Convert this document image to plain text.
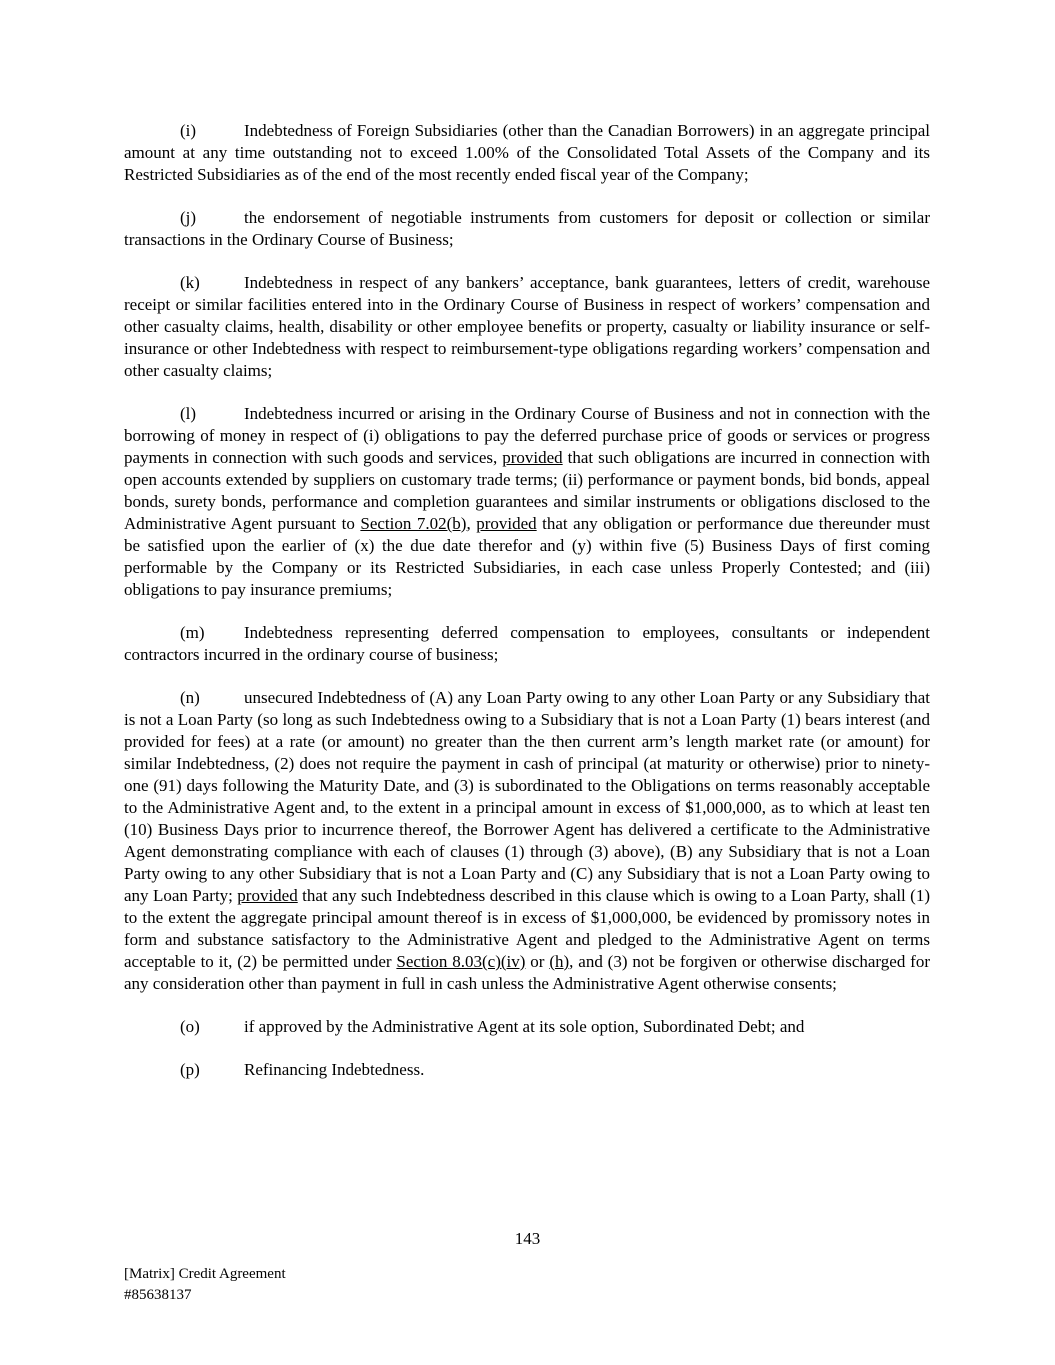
(i)	Indebtedness of Foreign Subsidiaries (other than the Canadian Borrowers) in an aggregate principal amount at any time outstanding not to exceed 1.00% of the Consolidated Total Assets of the Company and its Restricted Subsidiaries as of the end of the most recently ended fiscal year of the Company;

(j)	the endorsement of negotiable instruments from customers for deposit or collection or similar transactions in the Ordinary Course of Business;

(k)	Indebtedness in respect of any bankers’ acceptance, bank guarantees, letters of credit, warehouse receipt or similar facilities entered into in the Ordinary Course of Business in respect of workers’ compensation and other casualty claims, health, disability or other employee benefits or property, casualty or liability insurance or self-insurance or other Indebtedness with respect to reimbursement-type obligations regarding workers’ compensation and other casualty claims;

(l)	Indebtedness incurred or arising in the Ordinary Course of Business and not in connection with the borrowing of money in respect of (i) obligations to pay the deferred purchase price of goods or services or progress payments in connection with such goods and services, provided that such obligations are incurred in connection with open accounts extended by suppliers on customary trade terms; (ii) performance or payment bonds, bid bonds, appeal bonds, surety bonds, performance and completion guarantees and similar instruments or obligations disclosed to the Administrative Agent pursuant to Section 7.02(b), provided that any obligation or performance due thereunder must be satisfied upon the earlier of (x) the due date therefor and (y) within five (5) Business Days of first coming performable by the Company or its Restricted Subsidiaries, in each case unless Properly Contested; and (iii) obligations to pay insurance premiums;

(m) Indebtedness representing deferred compensation to employees, consultants or independent contractors incurred in the ordinary course of business;

(n)	unsecured Indebtedness of (A) any Loan Party owing to any other Loan Party or any Subsidiary that is not a Loan Party (so long as such Indebtedness owing to a Subsidiary that is not a Loan Party (1) bears interest (and provided for fees) at a rate (or amount) no greater than the then current arm’s length market rate (or amount) for similar Indebtedness, (2) does not require the payment in cash of principal (at maturity or otherwise) prior to ninety-one (91) days following the Maturity Date, and (3) is subordinated to the Obligations on terms reasonably acceptable to the Administrative Agent and, to the extent in a principal amount in excess of $1,000,000, as to which at least ten (10) Business Days prior to incurrence thereof, the Borrower Agent has delivered a certificate to the Administrative Agent demonstrating compliance with each of clauses (1) through (3) above), (B) any Subsidiary that is not a Loan Party owing to any other Subsidiary that is not a Loan Party and (C) any Subsidiary that is not a Loan Party owing to any Loan Party; provided that any such Indebtedness described in this clause which is owing to a Loan Party, shall (1) to the extent the aggregate principal amount thereof is in excess of $1,000,000, be evidenced by promissory notes in form and substance satisfactory to the Administrative Agent and pledged to the Administrative Agent on terms acceptable to it, (2) be permitted under Section 8.03(c)(iv) or (h), and (3) not be forgiven or otherwise discharged for any consideration other than payment in full in cash unless the Administrative Agent otherwise consents;

(o)	if approved by the Administrative Agent at its sole option, Subordinated Debt; and

(p)	Refinancing Indebtedness.

143
[Matrix] Credit Agreement
#85638137
